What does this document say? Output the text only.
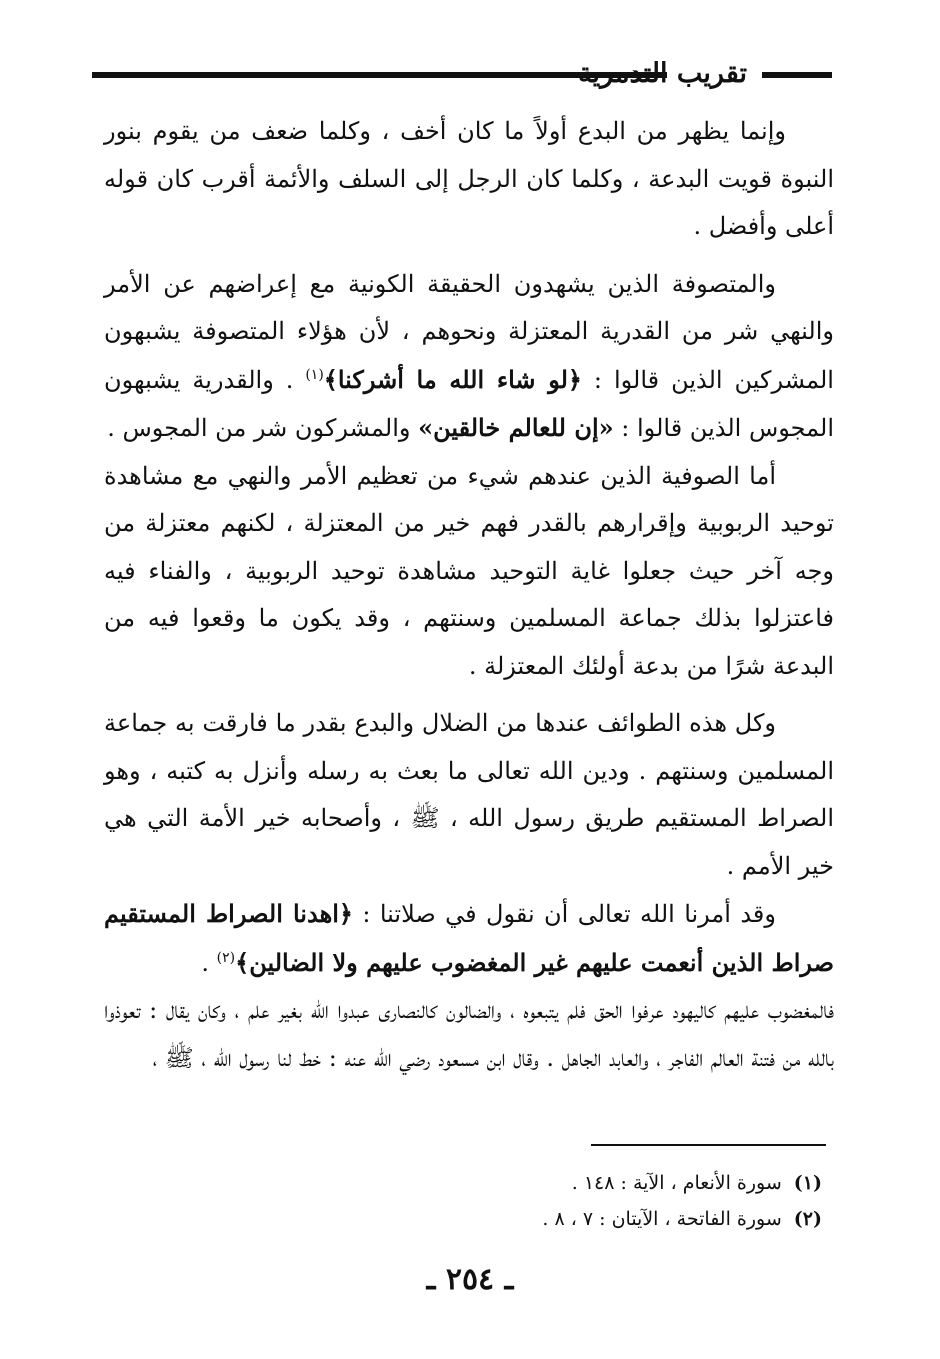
تقريب التدمرية

وإنما يظهر من البدع أولاً ما كان أخف ، وكلما ضعف من يقوم بنور النبوة قويت البدعة ، وكلما كان الرجل إلى السلف والأئمة أقرب كان قوله أعلى وأفضل .

والمتصوفة الذين يشهدون الحقيقة الكونية مع إعراضهم عن الأمر والنهي شر من القدرية المعتزلة ونحوهم ، لأن هؤلاء المتصوفة يشبهون المشركين الذين قالوا : ﴿لو شاء الله ما أشركنا﴾$^{(١)}$ . والقدرية يشبهون المجوس الذين قالوا : «إن للعالم خالقين» والمشركون شر من المجوس .

أما الصوفية الذين عندهم شيء من تعظيم الأمر والنهي مع مشاهدة توحيد الربوبية وإقرارهم بالقدر فهم خير من المعتزلة ، لكنهم معتزلة من وجه آخر حيث جعلوا غاية التوحيد مشاهدة توحيد الربوبية ، والفناء فيه فاعتزلوا بذلك جماعة المسلمين وسنتهم ، وقد يكون ما وقعوا فيه من البدعة شرًا من بدعة أولئك المعتزلة .

وكل هذه الطوائف عندها من الضلال والبدع بقدر ما فارقت به جماعة المسلمين وسنتهم . ودين الله تعالى ما بعث به رسله وأنزل به كتبه ، وهو الصراط المستقيم طريق رسول الله ، ﷺ ، وأصحابه خير الأمة التي هي خير الأمم .

وقد أمرنا الله تعالى أن نقول في صلاتنا : ﴿اهدنا الصراط المستقيم صراط الذين أنعمت عليهم غير المغضوب عليهم ولا الضالين﴾$^{(٢)}$ .

فالمغضوب عليهم كاليهود عرفوا الحق فلم يتبعوه ، والضالون كالنصارى عبدوا الله بغير علم ، وكان يقال : تعوذوا بالله من فتنة العالم الفاجر ، والعابد الجاهل . وقال ابن مسعود رضي الله عنه : خط لنا رسول الله ، ﷺ ،

(١)سورة الأنعام ، الآية : ١٤٨ .
(٢)سورة الفاتحة ، الآيتان : ٧ ، ٨ .
ـ ٢٥٤ ـ
